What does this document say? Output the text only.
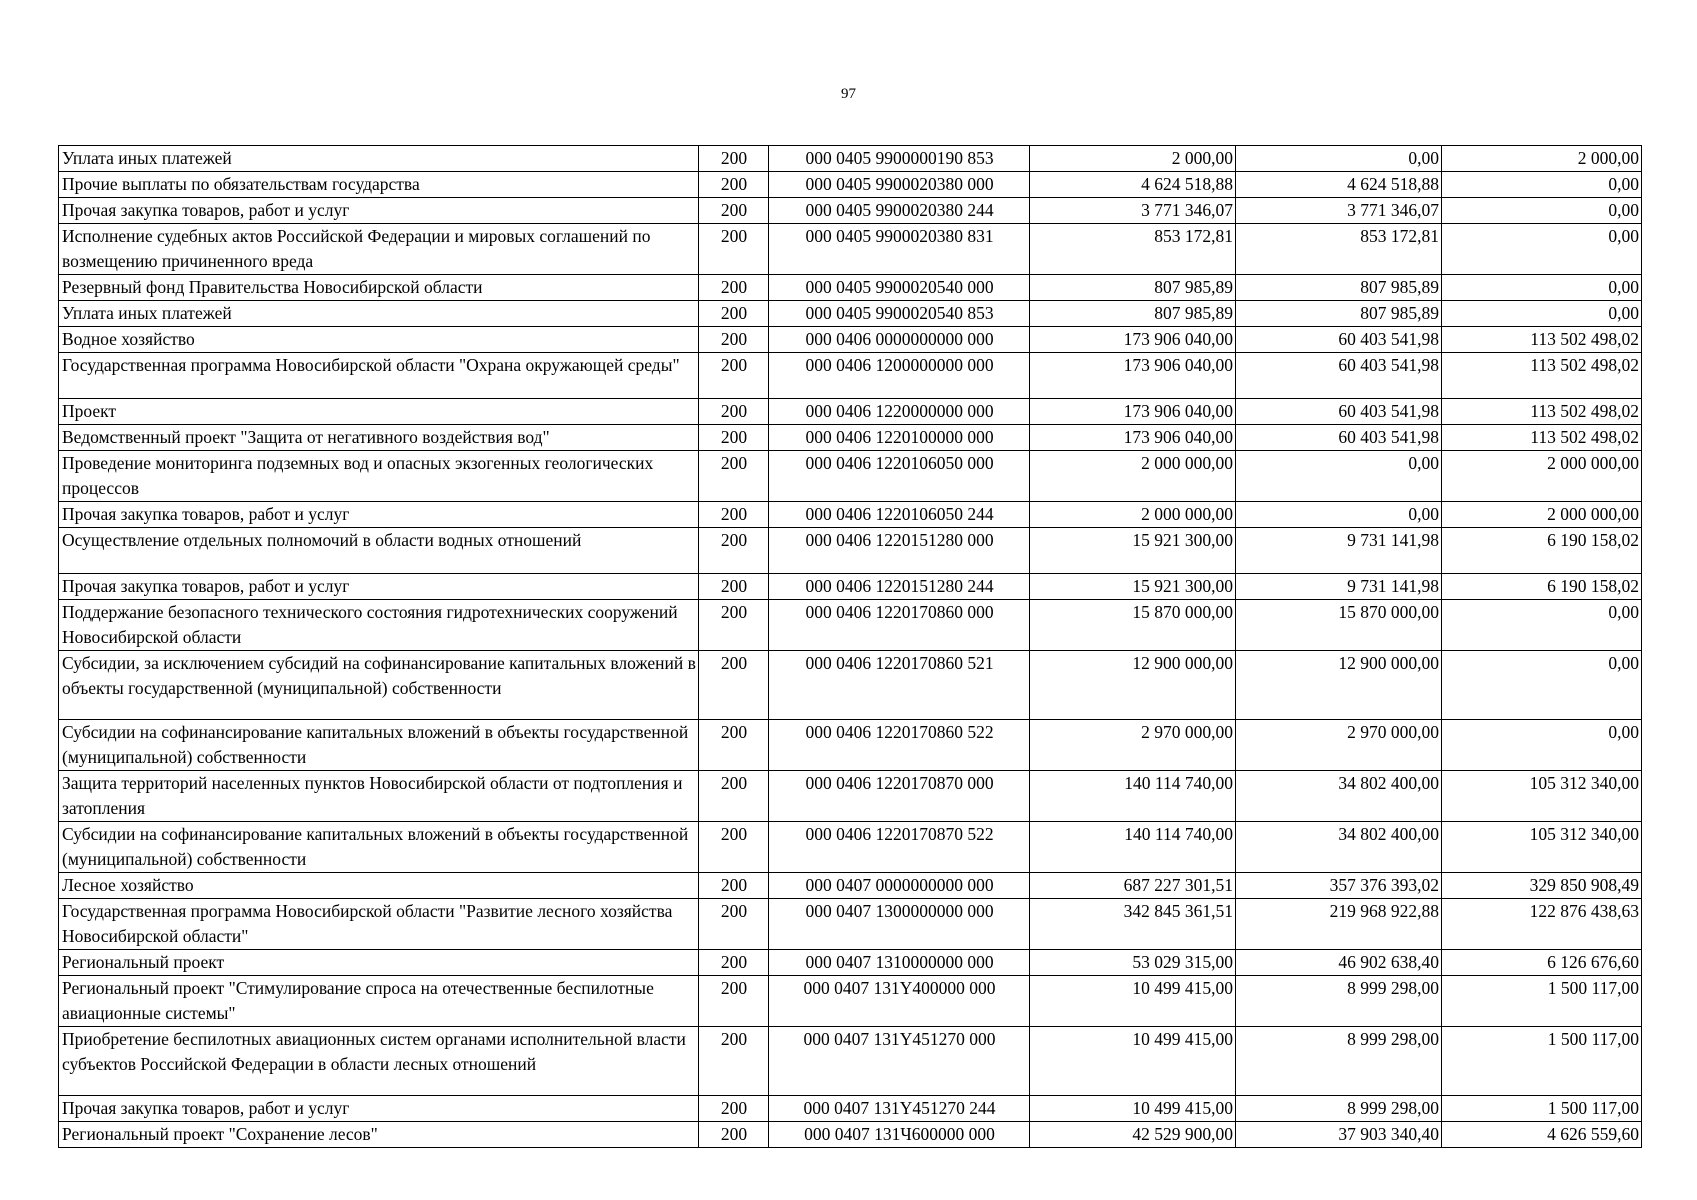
97
Уплата иных платежей	200	000 0405 9900000190 853	2 000,00	0,00	2 000,00
Прочие выплаты по обязательствам государства	200	000 0405 9900020380 000	4 624 518,88	4 624 518,88	0,00
Прочая закупка товаров, работ и услуг	200	000 0405 9900020380 244	3 771 346,07	3 771 346,07	0,00
Исполнение судебных актов Российской Федерации и мировых соглашений по возмещению причиненного вреда	200	000 0405 9900020380 831	853 172,81	853 172,81	0,00
Резервный фонд Правительства Новосибирской области	200	000 0405 9900020540 000	807 985,89	807 985,89	0,00
Уплата иных платежей	200	000 0405 9900020540 853	807 985,89	807 985,89	0,00
Водное хозяйство	200	000 0406 0000000000 000	173 906 040,00	60 403 541,98	113 502 498,02
Государственная программа Новосибирской области "Охрана окружающей среды"	200	000 0406 1200000000 000	173 906 040,00	60 403 541,98	113 502 498,02
Проект	200	000 0406 1220000000 000	173 906 040,00	60 403 541,98	113 502 498,02
Ведомственный проект "Защита от негативного воздействия вод"	200	000 0406 1220100000 000	173 906 040,00	60 403 541,98	113 502 498,02
Проведение мониторинга подземных вод и опасных экзогенных геологических процессов	200	000 0406 1220106050 000	2 000 000,00	0,00	2 000 000,00
Прочая закупка товаров, работ и услуг	200	000 0406 1220106050 244	2 000 000,00	0,00	2 000 000,00
Осуществление отдельных полномочий в области водных отношений	200	000 0406 1220151280 000	15 921 300,00	9 731 141,98	6 190 158,02
Прочая закупка товаров, работ и услуг	200	000 0406 1220151280 244	15 921 300,00	9 731 141,98	6 190 158,02
Поддержание безопасного технического состояния гидротехнических сооружений Новосибирской области	200	000 0406 1220170860 000	15 870 000,00	15 870 000,00	0,00
Субсидии, за исключением субсидий на софинансирование капитальных вложений в объекты государственной (муниципальной) собственности	200	000 0406 1220170860 521	12 900 000,00	12 900 000,00	0,00
Субсидии на софинансирование капитальных вложений в объекты государственной (муниципальной) собственности	200	000 0406 1220170860 522	2 970 000,00	2 970 000,00	0,00
Защита территорий населенных пунктов Новосибирской области от подтопления и затопления	200	000 0406 1220170870 000	140 114 740,00	34 802 400,00	105 312 340,00
Субсидии на софинансирование капитальных вложений в объекты государственной (муниципальной) собственности	200	000 0406 1220170870 522	140 114 740,00	34 802 400,00	105 312 340,00
Лесное хозяйство	200	000 0407 0000000000 000	687 227 301,51	357 376 393,02	329 850 908,49
Государственная программа Новосибирской области "Развитие лесного хозяйства Новосибирской области"	200	000 0407 1300000000 000	342 845 361,51	219 968 922,88	122 876 438,63
Региональный проект	200	000 0407 1310000000 000	53 029 315,00	46 902 638,40	6 126 676,60
Региональный проект "Стимулирование спроса на отечественные беспилотные авиационные системы"	200	000 0407 131Y400000 000	10 499 415,00	8 999 298,00	1 500 117,00
Приобретение беспилотных авиационных систем органами исполнительной власти субъектов Российской Федерации в области лесных отношений	200	000 0407 131Y451270 000	10 499 415,00	8 999 298,00	1 500 117,00
Прочая закупка товаров, работ и услуг	200	000 0407 131Y451270 244	10 499 415,00	8 999 298,00	1 500 117,00
Региональный проект "Сохранение лесов"	200	000 0407 131Ч600000 000	42 529 900,00	37 903 340,40	4 626 559,60
